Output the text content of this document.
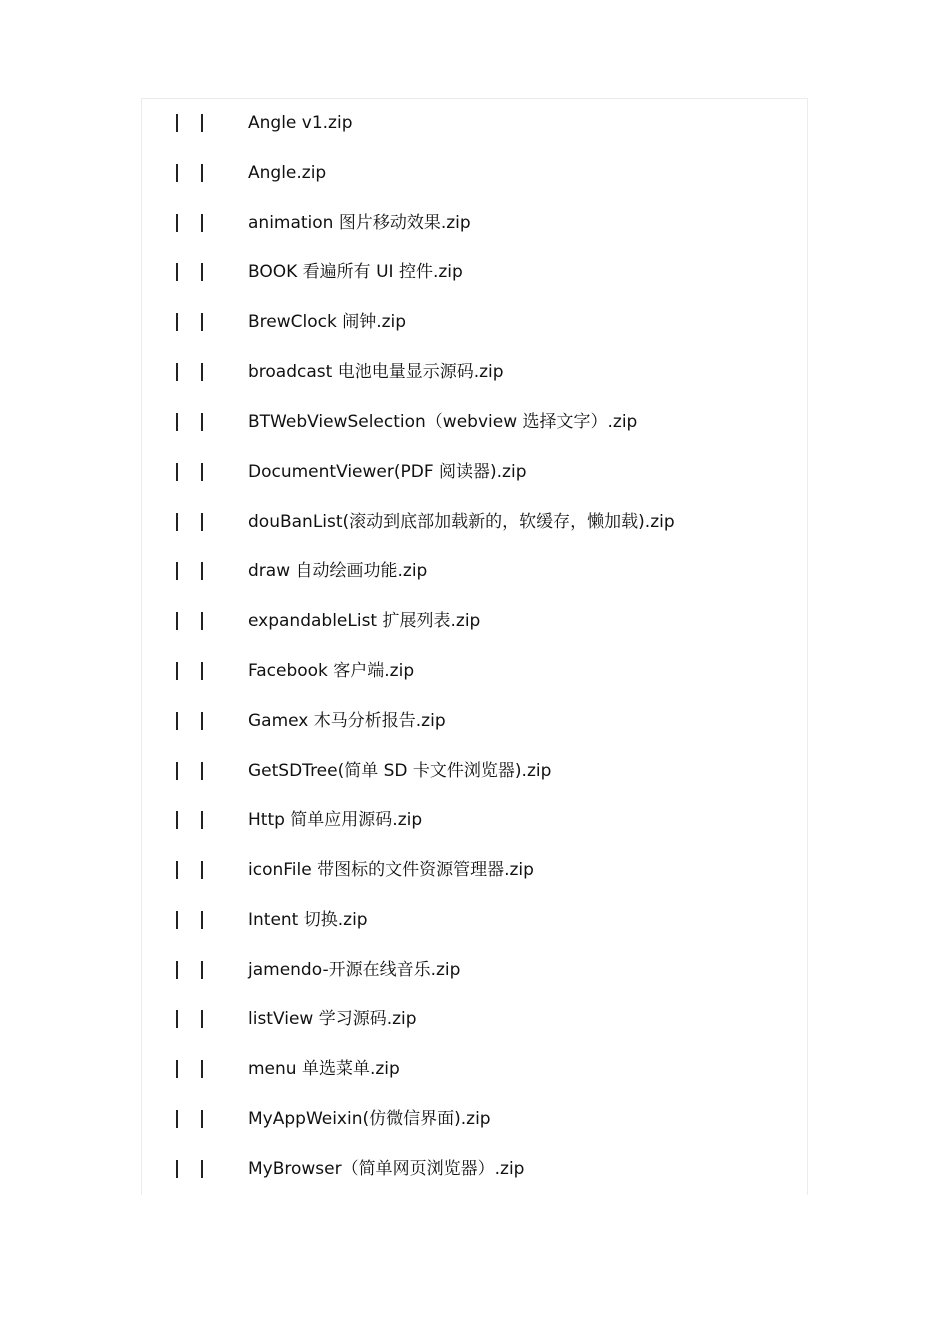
Angle v1.zip
Angle.zip
animation 图片移动效果.zip
BOOK 看遍所有 UI 控件.zip
BrewClock 闹钟.zip
broadcast 电池电量显示源码.zip
BTWebViewSelection（webview 选择文字）.zip
DocumentViewer(PDF 阅读器).zip
douBanList(滚动到底部加载新的，软缓存，懒加载).zip
draw 自动绘画功能.zip
expandableList 扩展列表.zip
Facebook 客户端.zip
Gamex 木马分析报告.zip
GetSDTree(简单 SD 卡文件浏览器).zip
Http 简单应用源码.zip
iconFile 带图标的文件资源管理器.zip
Intent 切换.zip
jamendo-开源在线音乐.zip
listView 学习源码.zip
menu 单选菜单.zip
MyAppWeixin(仿微信界面).zip
MyBrowser（简单网页浏览器）.zip
